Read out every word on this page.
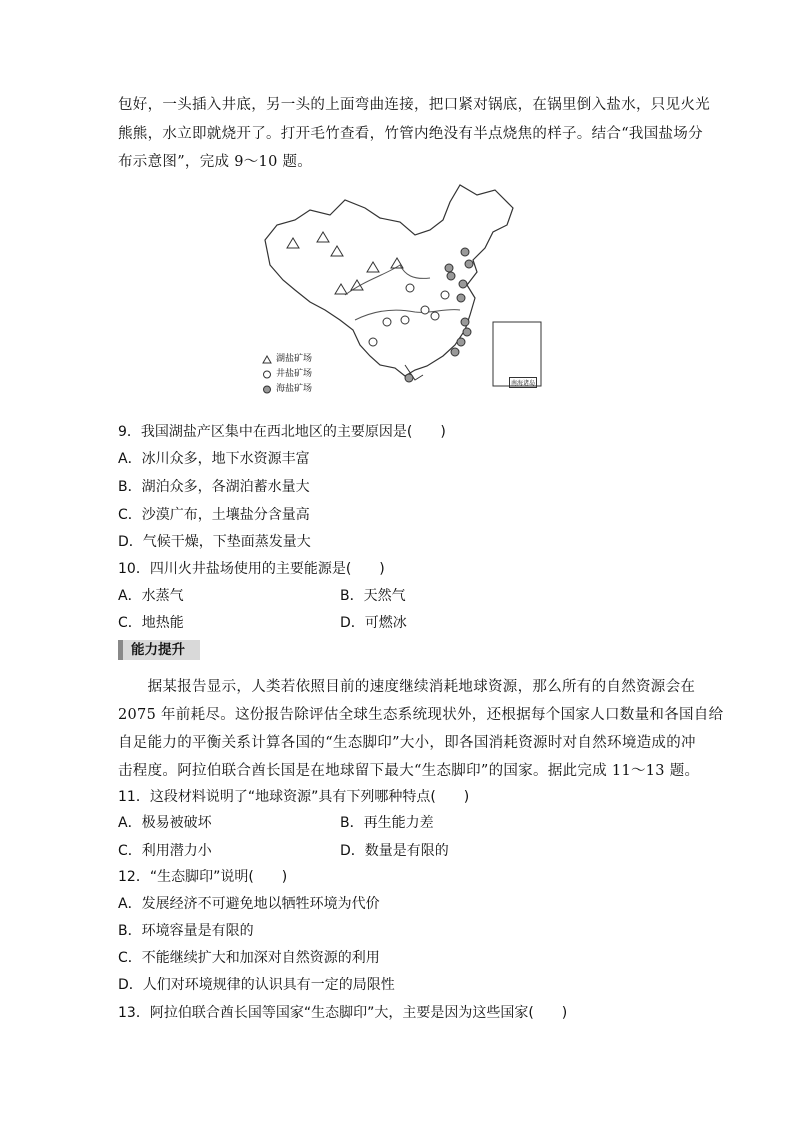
包好，一头插入井底，另一头的上面弯曲连接，把口紧对锅底，在锅里倒入盐水，只见火光
熊熊，水立即就烧开了。打开毛竹查看，竹管内绝没有半点烧焦的样子。结合“我国盐场分
布示意图”，完成 9～10 题。
湖盐矿场
井盐矿场
海盐矿场
南海诸岛
9．我国湖盐产区集中在西北地区的主要原因是(　　)
A．冰川众多，地下水资源丰富
B．湖泊众多，各湖泊蓄水量大
C．沙漠广布，土壤盐分含量高
D．气候干燥，下垫面蒸发量大
10．四川火井盐场使用的主要能源是(　　)
A．水蒸气	B．天然气
C．地热能	D．可燃冰
能力提升
　　据某报告显示，人类若依照目前的速度继续消耗地球资源，那么所有的自然资源会在
2075 年前耗尽。这份报告除评估全球生态系统现状外，还根据每个国家人口数量和各国自给
自足能力的平衡关系计算各国的“生态脚印”大小，即各国消耗资源时对自然环境造成的冲
击程度。阿拉伯联合酋长国是在地球留下最大“生态脚印”的国家。据此完成 11～13 题。
11．这段材料说明了“地球资源”具有下列哪种特点(　　)
A．极易被破坏	B．再生能力差
C．利用潜力小	D．数量是有限的
12．“生态脚印”说明(　　)
A．发展经济不可避免地以牺牲环境为代价
B．环境容量是有限的
C．不能继续扩大和加深对自然资源的利用
D．人们对环境规律的认识具有一定的局限性
13．阿拉伯联合酋长国等国家“生态脚印”大，主要是因为这些国家(　　)
